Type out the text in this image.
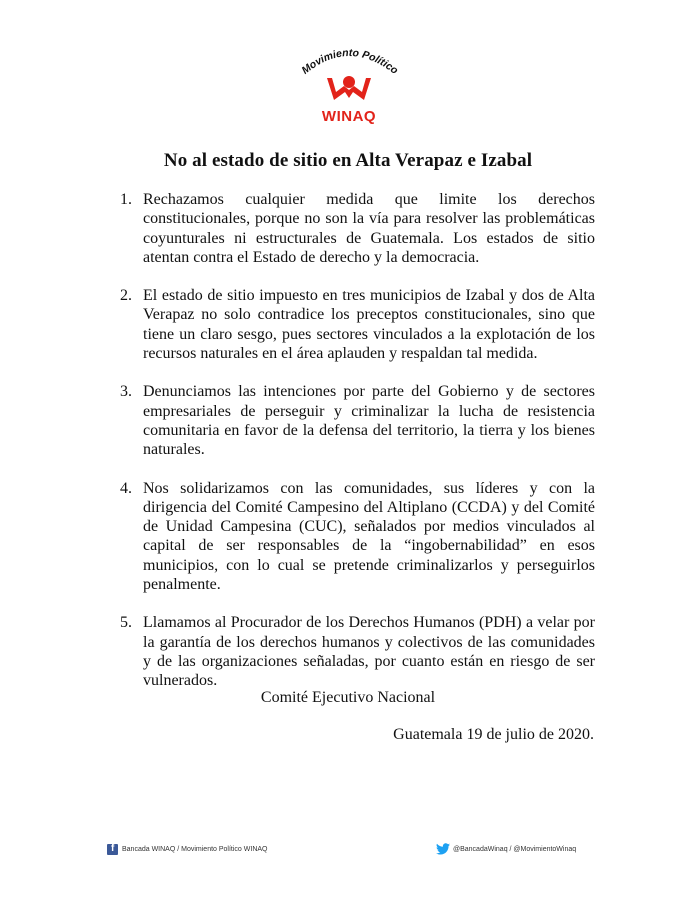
Movimiento Político
WINAQ
No al estado de sitio en Alta Verapaz e Izabal
1. Rechazamos cualquier medida que limite los derechos constitucionales, porque no son la vía para resolver las problemáticas coyunturales ni estructurales de Guatemala. Los estados de sitio atentan contra el Estado de derecho y la democracia.

2. El estado de sitio impuesto en tres municipios de Izabal y dos de Alta Verapaz no solo contradice los preceptos constitucionales, sino que tiene un claro sesgo, pues sectores vinculados a la explotación de los recursos naturales en el área aplauden y respaldan tal medida.

3. Denunciamos las intenciones por parte del Gobierno y de sectores empresariales de perseguir y criminalizar la lucha de resistencia comunitaria en favor de la defensa del territorio, la tierra y los bienes naturales.

4. Nos solidarizamos con las comunidades, sus líderes y con la dirigencia del Comité Campesino del Altiplano (CCDA) y del Comité de Unidad Campesina (CUC), señalados por medios vinculados al capital de ser responsables de la “ingobernabilidad” en esos municipios, con lo cual se pretende criminalizarlos y perseguirlos penalmente.

5. Llamamos al Procurador de los Derechos Humanos (PDH) a velar por la garantía de los derechos humanos y colectivos de las comunidades y de las organizaciones señaladas, por cuanto están en riesgo de ser vulnerados.

Comité Ejecutivo Nacional
Guatemala 19 de julio de 2020.
f Bancada WINAQ / Movimiento Político WINAQ	@BancadaWinaq / @MovimientoWinaq
